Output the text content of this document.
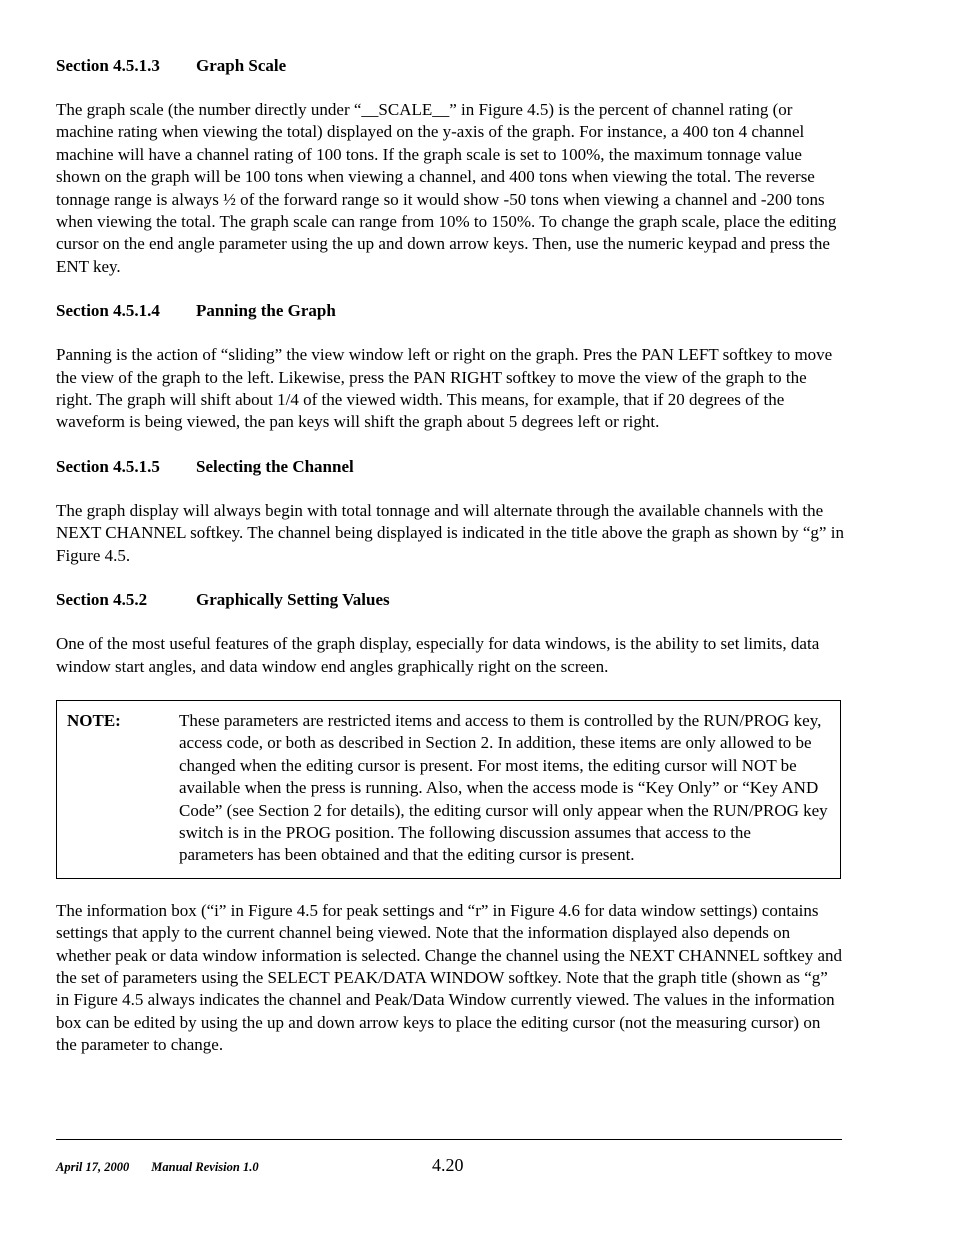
Section 4.5.1.3 Graph Scale

The graph scale (the number directly under “__SCALE__” in Figure 4.5) is the percent of channel rating (or machine rating when viewing the total) displayed on the y-axis of the graph. For instance, a 400 ton 4 channel machine will have a channel rating of 100 tons. If the graph scale is set to 100%, the maximum tonnage value shown on the graph will be 100 tons when viewing a channel, and 400 tons when viewing the total. The reverse tonnage range is always ½ of the forward range so it would show -50 tons when viewing a channel and -200 tons when viewing the total. The graph scale can range from 10% to 150%. To change the graph scale, place the editing cursor on the end angle parameter using the up and down arrow keys. Then, use the numeric keypad and press the ENT key.

Section 4.5.1.4 Panning the Graph

Panning is the action of “sliding” the view window left or right on the graph. Pres the PAN LEFT softkey to move the view of the graph to the left. Likewise, press the PAN RIGHT softkey to move the view of the graph to the right. The graph will shift about 1/4 of the viewed width. This means, for example, that if 20 degrees of the waveform is being viewed, the pan keys will shift the graph about 5 degrees left or right.

Section 4.5.1.5 Selecting the Channel

The graph display will always begin with total tonnage and will alternate through the available channels with the NEXT CHANNEL softkey. The channel being displayed is indicated in the title above the graph as shown by “g” in Figure 4.5.

Section 4.5.2	Graphically Setting Values

One of the most useful features of the graph display, especially for data windows, is the ability to set limits, data window start angles, and data window end angles graphically right on the screen.

NOTE:	These parameters are restricted items and access to them is controlled by the RUN/PROG key, access code, or both as described in Section 2. In addition, these items are only allowed to be changed when the editing cursor is present. For most items, the editing cursor will NOT be available when the press is running. Also, when the access mode is “Key Only” or “Key AND Code” (see Section 2 for details), the editing cursor will only appear when the RUN/PROG key switch is in the PROG position. The following discussion assumes that access to the parameters has been obtained and that the editing cursor is present.

The information box (“i” in Figure 4.5 for peak settings and “r” in Figure 4.6 for data window settings) contains settings that apply to the current channel being viewed. Note that the information displayed also depends on whether peak or data window information is selected. Change the channel using the NEXT CHANNEL softkey and the set of parameters using the SELECT PEAK/DATA WINDOW softkey. Note that the graph title (shown as “g” in Figure 4.5 always indicates the channel and Peak/Data Window currently viewed. The values in the information box can be edited by using the up and down arrow keys to place the editing cursor (not the measuring cursor) on the parameter to change.

April 17, 2000 Manual Revision 1.0	4.20
